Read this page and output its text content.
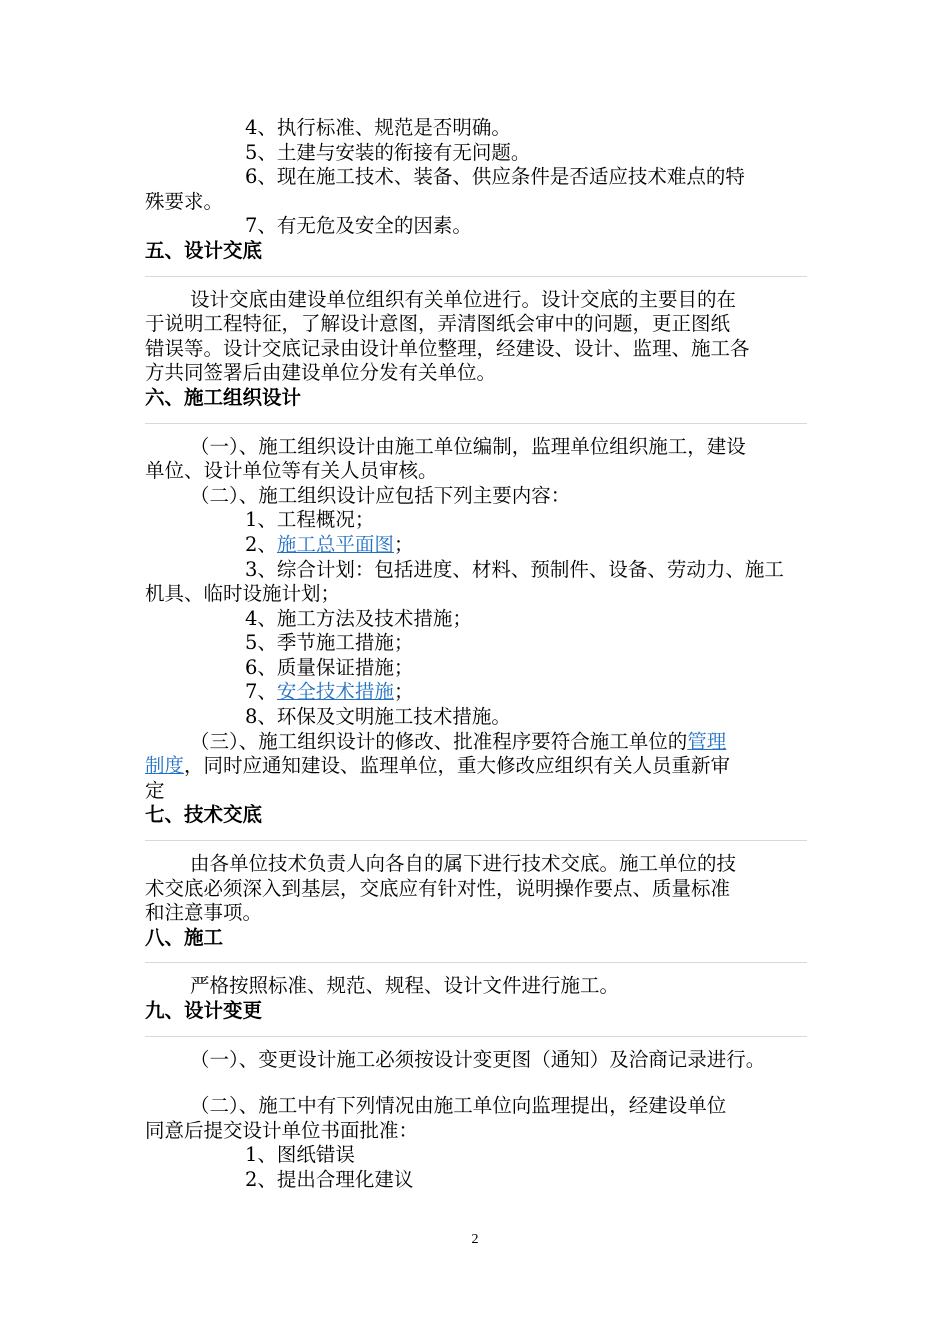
4、执行标准、规范是否明确。
5、土建与安装的衔接有无问题。
6、现在施工技术、装备、供应条件是否适应技术难点的特
殊要求。
7、有无危及安全的因素。
五、设计交底
设计交底由建设单位组织有关单位进行。设计交底的主要目的在
于说明工程特征，了解设计意图，弄清图纸会审中的问题，更正图纸
错误等。设计交底记录由设计单位整理，经建设、设计、监理、施工各
方共同签署后由建设单位分发有关单位。
六、施工组织设计
（一）、施工组织设计由施工单位编制，监理单位组织施工，建设
单位、设计单位等有关人员审核。
（二）、施工组织设计应包括下列主要内容：
1、工程概况；
2、施工总平面图；
3、综合计划：包括进度、材料、预制件、设备、劳动力、施工
机具、临时设施计划；
4、施工方法及技术措施；
5、季节施工措施；
6、质量保证措施；
7、安全技术措施；
8、环保及文明施工技术措施。
（三）、施工组织设计的修改、批准程序要符合施工单位的管理
制度，同时应通知建设、监理单位，重大修改应组织有关人员重新审
定
七、技术交底
由各单位技术负责人向各自的属下进行技术交底。施工单位的技
术交底必须深入到基层，交底应有针对性，说明操作要点、质量标准
和注意事项。
八、施工
严格按照标准、规范、规程、设计文件进行施工。
九、设计变更
（一）、变更设计施工必须按设计变更图（通知）及洽商记录进行。
（二）、施工中有下列情况由施工单位向监理提出，经建设单位
同意后提交设计单位书面批准：
1、图纸错误
2、提出合理化建议
2
